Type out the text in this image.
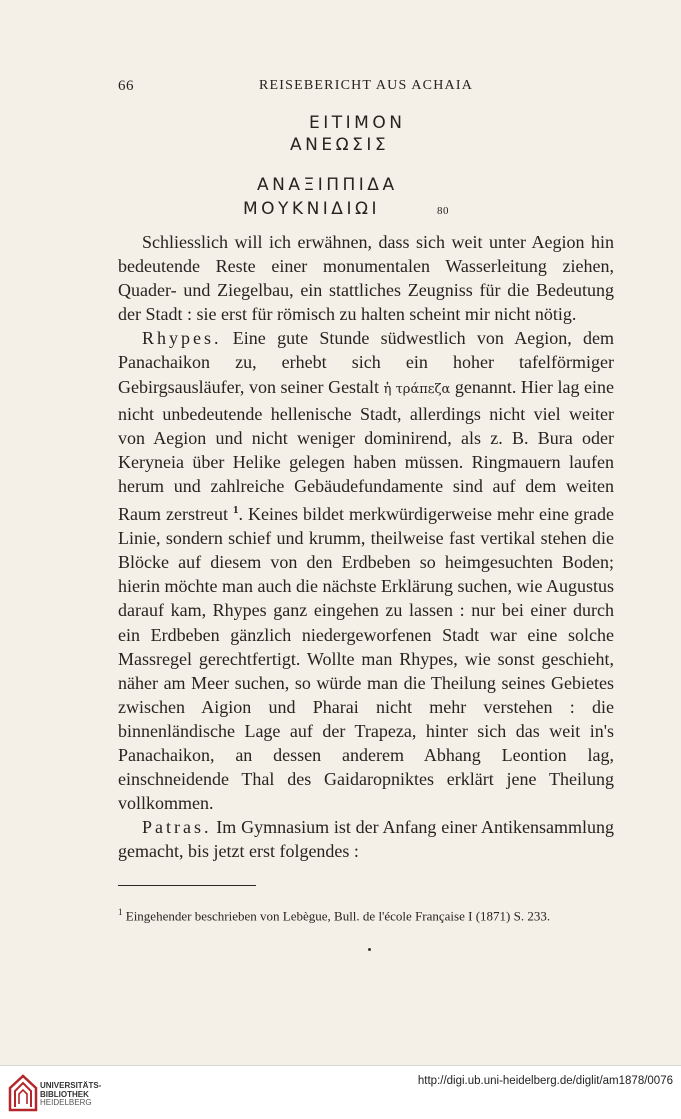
66	REISEBERICHT AUS ACHAIA
ΕΙΤΙΜΟΝ
ΑΝΕΩΣΙΣ
ΑΝΑΞΙΠΠΙΔΑ
ΜΟΥΚΝΙΔΙΩΙ	80

Schliesslich will ich erwähnen, dass sich weit unter Aegion hin bedeutende Reste einer monumentalen Wasserleitung ziehen, Quader- und Ziegelbau, ein stattliches Zeugniss für die Bedeutung der Stadt : sie erst für römisch zu halten scheint mir nicht nötig.

Rhypes. Eine gute Stunde südwestlich von Aegion, dem Panachaikon zu, erhebt sich ein hoher tafelförmiger Gebirgsausläufer, von seiner Gestalt ἡ τράπεζα genannt. Hier lag eine nicht unbedeutende hellenische Stadt, allerdings nicht viel weiter von Aegion und nicht weniger dominirend, als z. B. Bura oder Keryneia über Helike gelegen haben müssen. Ringmauern laufen herum und zahlreiche Gebäudefundamente sind auf dem weiten Raum zerstreut $^1$. Keines bildet merkwürdigerweise mehr eine grade Linie, sondern schief und krumm, theilweise fast vertikal stehen die Blöcke auf diesem von den Erdbeben so heimgesuchten Boden; hierin möchte man auch die nächste Erklärung suchen, wie Augustus darauf kam, Rhypes ganz eingehen zu lassen : nur bei einer durch ein Erdbeben gänzlich niedergeworfenen Stadt war eine solche Massregel gerechtfertigt. Wollte man Rhypes, wie sonst geschieht, näher am Meer suchen, so würde man die Theilung seines Gebietes zwischen Aigion und Pharai nicht mehr verstehen : die binnenländische Lage auf der Trapeza, hinter sich das weit in's Panachaikon, an dessen anderem Abhang Leontion lag, einschneidende Thal des Gaidaropniktes erklärt jene Theilung vollkommen.

Patras. Im Gymnasium ist der Anfang einer Antikensammlung gemacht, bis jetzt erst folgendes :

$^1$ Eingehender beschrieben von Lebègue, Bull. de l'école Française I (1871) S. 233.
UNIVERSITÄTS-
BIBLIOTHEK
HEIDELBERG
http://digi.ub.uni-heidelberg.de/diglit/am1878/0076
